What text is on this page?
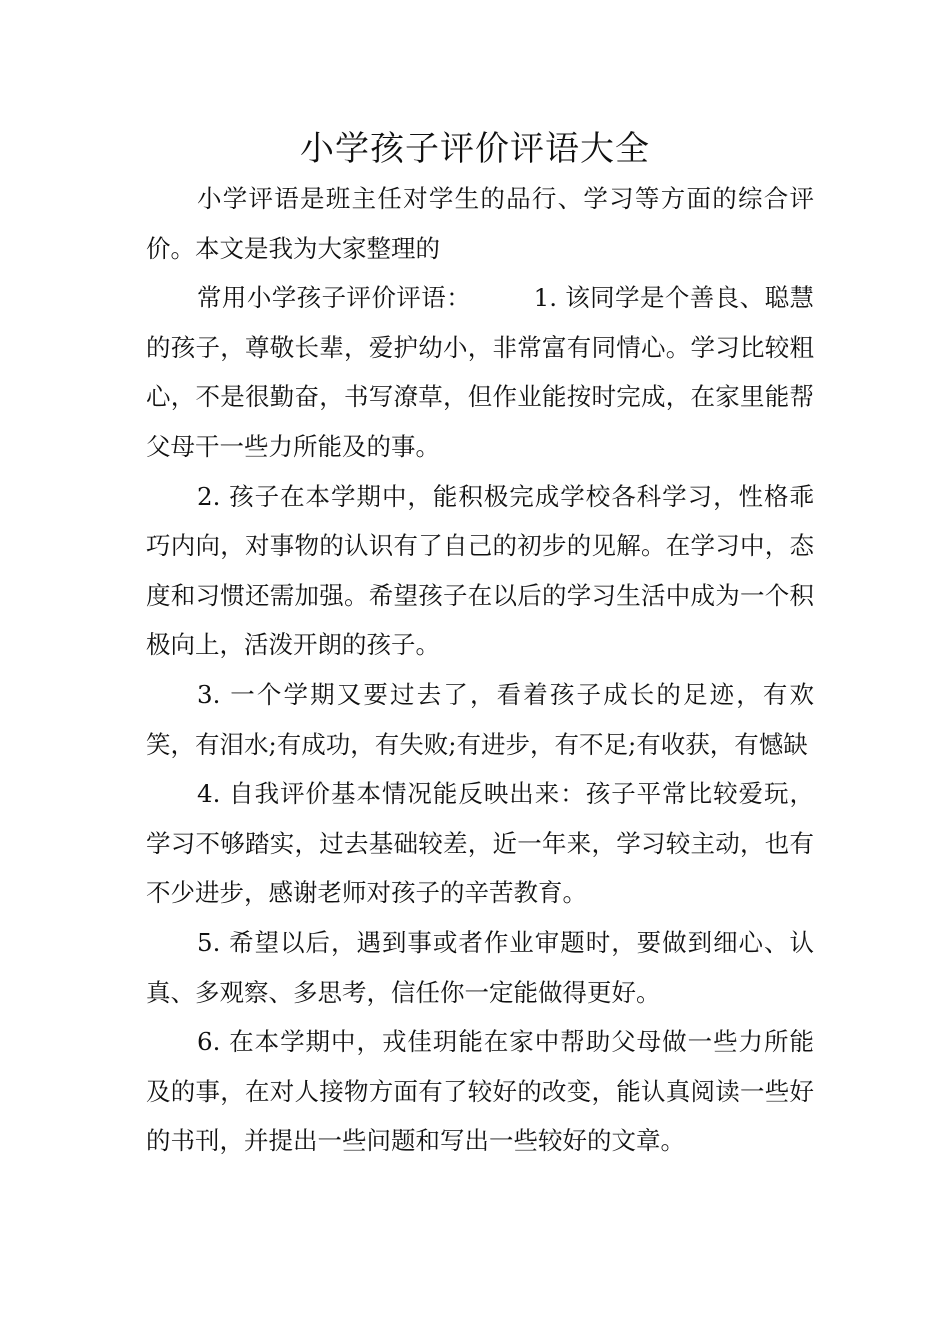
小学孩子评价评语大全

小学评语是班主任对学生的品行、学习等方面的综合评价。本文是我为大家整理的

常用小学孩子评价评语：　　　1. 该同学是个善良、聪慧的孩子，尊敬长辈，爱护幼小，非常富有同情心。学习比较粗心，不是很勤奋，书写潦草，但作业能按时完成，在家里能帮父母干一些力所能及的事。

2. 孩子在本学期中，能积极完成学校各科学习，性格乖巧内向，对事物的认识有了自己的初步的见解。在学习中，态度和习惯还需加强。希望孩子在以后的学习生活中成为一个积极向上，活泼开朗的孩子。

3. 一个学期又要过去了，看着孩子成长的足迹，有欢笑，有泪水;有成功，有失败;有进步，有不足;有收获，有憾缺

4. 自我评价基本情况能反映出来：孩子平常比较爱玩，学习不够踏实，过去基础较差，近一年来，学习较主动，也有不少进步，感谢老师对孩子的辛苦教育。

5. 希望以后，遇到事或者作业审题时，要做到细心、认真、多观察、多思考，信任你一定能做得更好。

6. 在本学期中，戎佳玥能在家中帮助父母做一些力所能及的事，在对人接物方面有了较好的改变，能认真阅读一些好的书刊，并提出一些问题和写出一些较好的文章。
